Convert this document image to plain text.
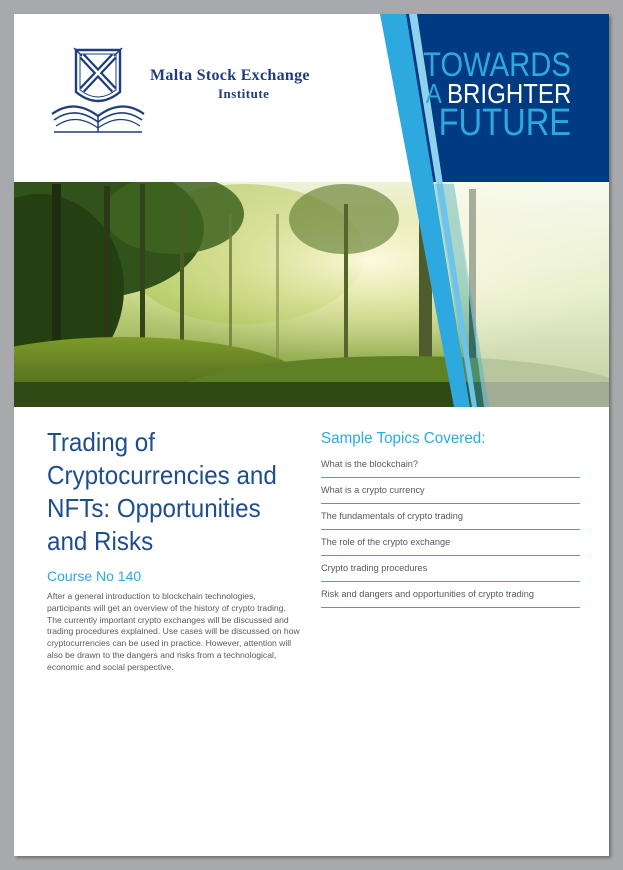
Malta Stock Exchange
Institute
TOWARDS
A BRIGHTER
FUTURE
Trading of Cryptocurrencies and NFTs: Opportunities and Risks
Course No 140
After a general introduction to blockchain technologies, participants will get an overview of the history of crypto trading. The currently important crypto exchanges will be discussed and trading procedures explained. Use cases will be discussed on how cryptocurrencies can be used in practice. However, attention will also be drawn to the dangers and risks from a technological, economic and social perspective.
Sample Topics Covered:
What is the blockchain?
What is a crypto currency
The fundamentals of crypto trading
The role of the crypto exchange
Crypto trading procedures
Risk and dangers and opportunities of crypto trading
